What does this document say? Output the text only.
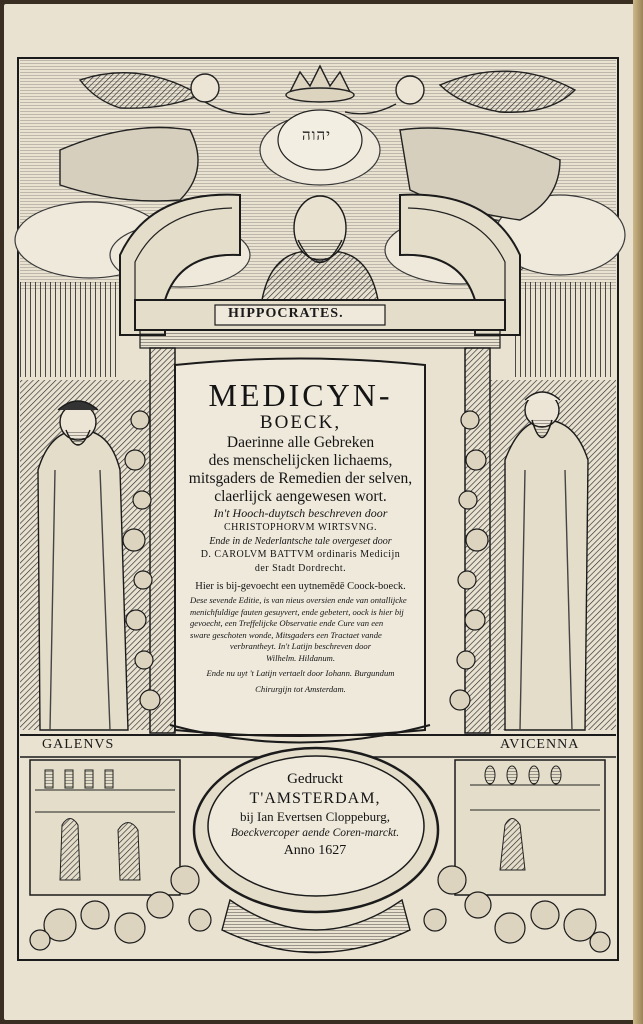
יהוה
HIPPOCRATES.
GALENVS	AVICENNA
MEDICYN-
BOECK,
Daerinne alle Gebreken
des menschelijcken lichaems,
mitsgaders de Remedien der selven,
claerlijck aengewesen wort.
In't Hooch-duytsch beschreven door
CHRISTOPHORVM WIRTSVNG.
Ende in de Nederlantsche tale overgeset door
D. CAROLVM BATTVM ordinaris Medicijn
der Stadt Dordrecht.
Hier is bij-gevoecht een uytnemēdē Coock-boeck.
Dese sevende Editie, is van nieus oversien ende van ontallijcke
menichfuldige fauten gesuyvert, ende gebetert, oock is hier bij
gevoecht, een Treffelijcke Observatie ende Cure van een
sware geschoten wonde, Mitsgaders een Tractaet vande
verbrantheyt. In't Latijn beschreven door
Wilhelm. Hildanum.
Ende nu uyt 't Latijn vertaelt door Iohann. Burgundum
Chirurgijn tot Amsterdam.
Gedruckt
T'AMSTERDAM,
bij Ian Evertsen Cloppeburg,
Boeckvercoper aende Coren-marckt.
Anno 1627
